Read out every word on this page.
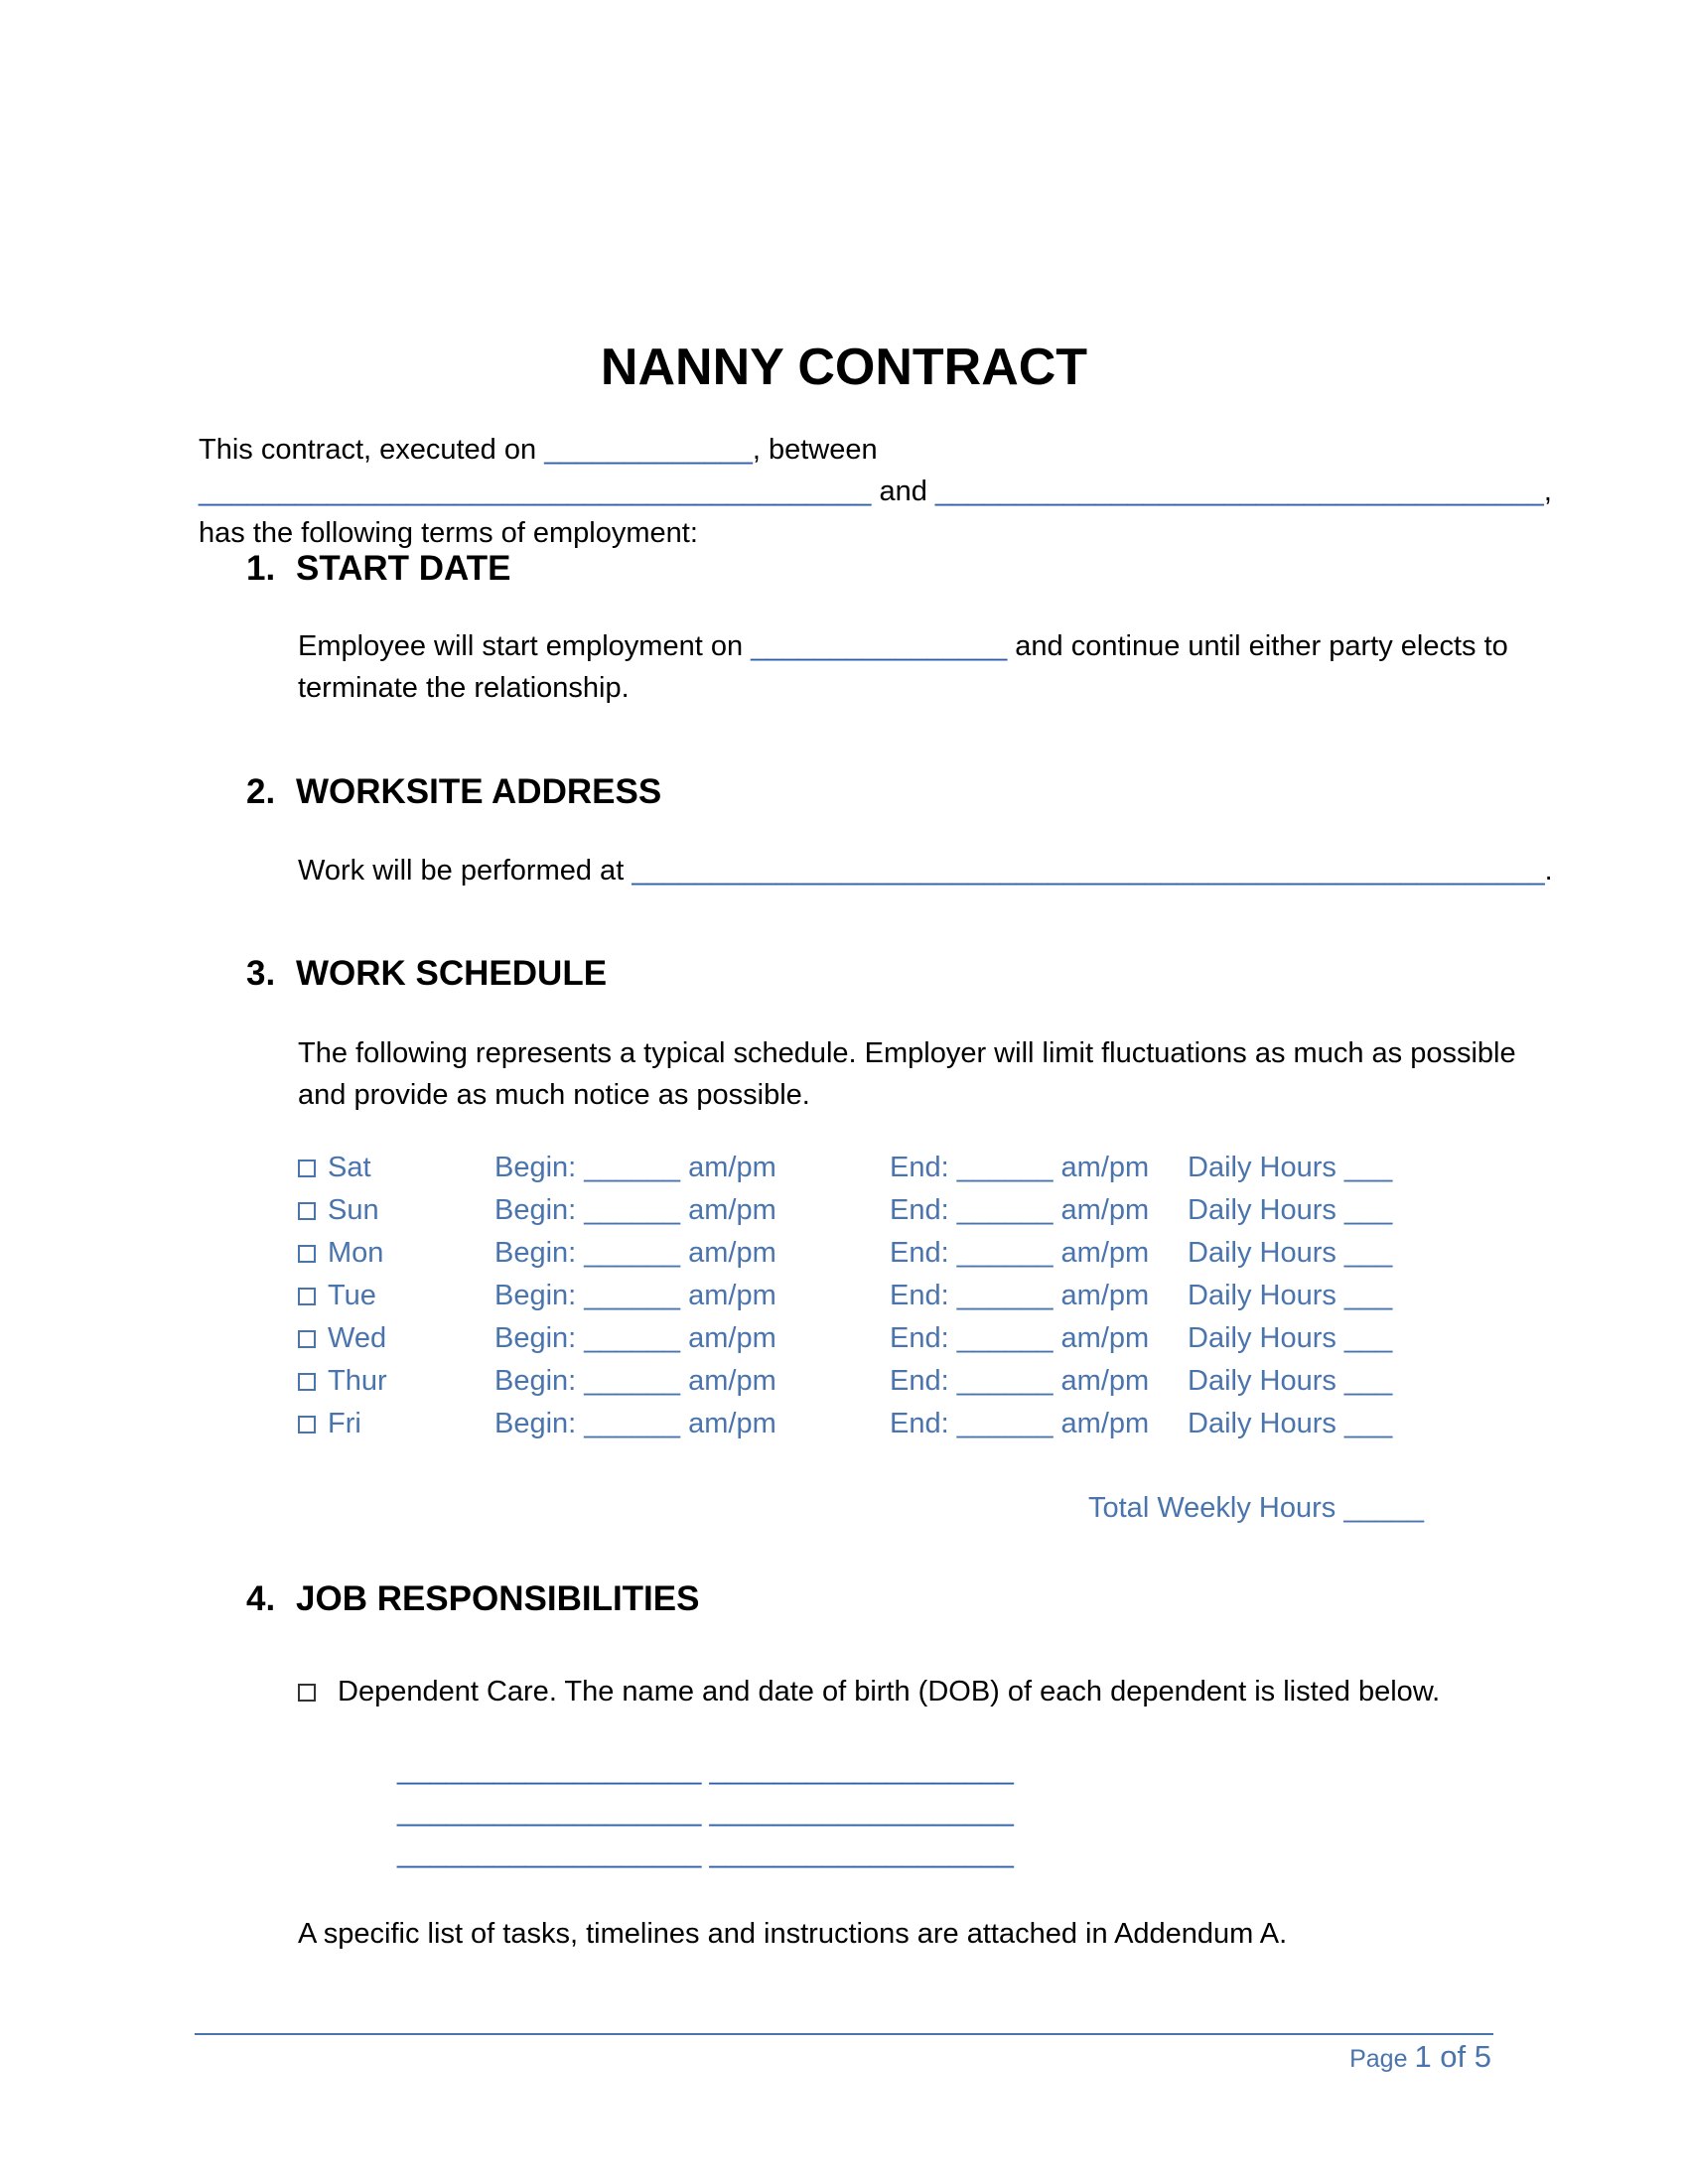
NANNY CONTRACT
This contract, executed on _____________, between
__________________________________________ and ______________________________________,
has the following terms of employment:
1. START DATE
Employee will start employment on ________________ and continue until either party elects to
terminate the relationship.
2. WORKSITE ADDRESS
Work will be performed at _________________________________________________________.
3. WORK SCHEDULE
The following represents a typical schedule. Employer will limit fluctuations as much as possible
and provide as much notice as possible.
Sat	Begin: ______ am/pm	End: ______ am/pm Daily Hours ___
Sun	Begin: ______ am/pm	End: ______ am/pm Daily Hours ___
Mon	Begin: ______ am/pm	End: ______ am/pm Daily Hours ___
Tue	Begin: ______ am/pm	End: ______ am/pm Daily Hours ___
Wed	Begin: ______ am/pm	End: ______ am/pm Daily Hours ___
Thur	Begin: ______ am/pm	End: ______ am/pm Daily Hours ___
Fri	Begin: ______ am/pm	End: ______ am/pm Daily Hours ___
Total Weekly Hours _____
4. JOB RESPONSIBILITIES
Dependent Care. The name and date of birth (DOB) of each dependent is listed below.
___________________ ___________________
___________________ ___________________
___________________ ___________________
A specific list of tasks, timelines and instructions are attached in Addendum A.
Page 1 of 5
